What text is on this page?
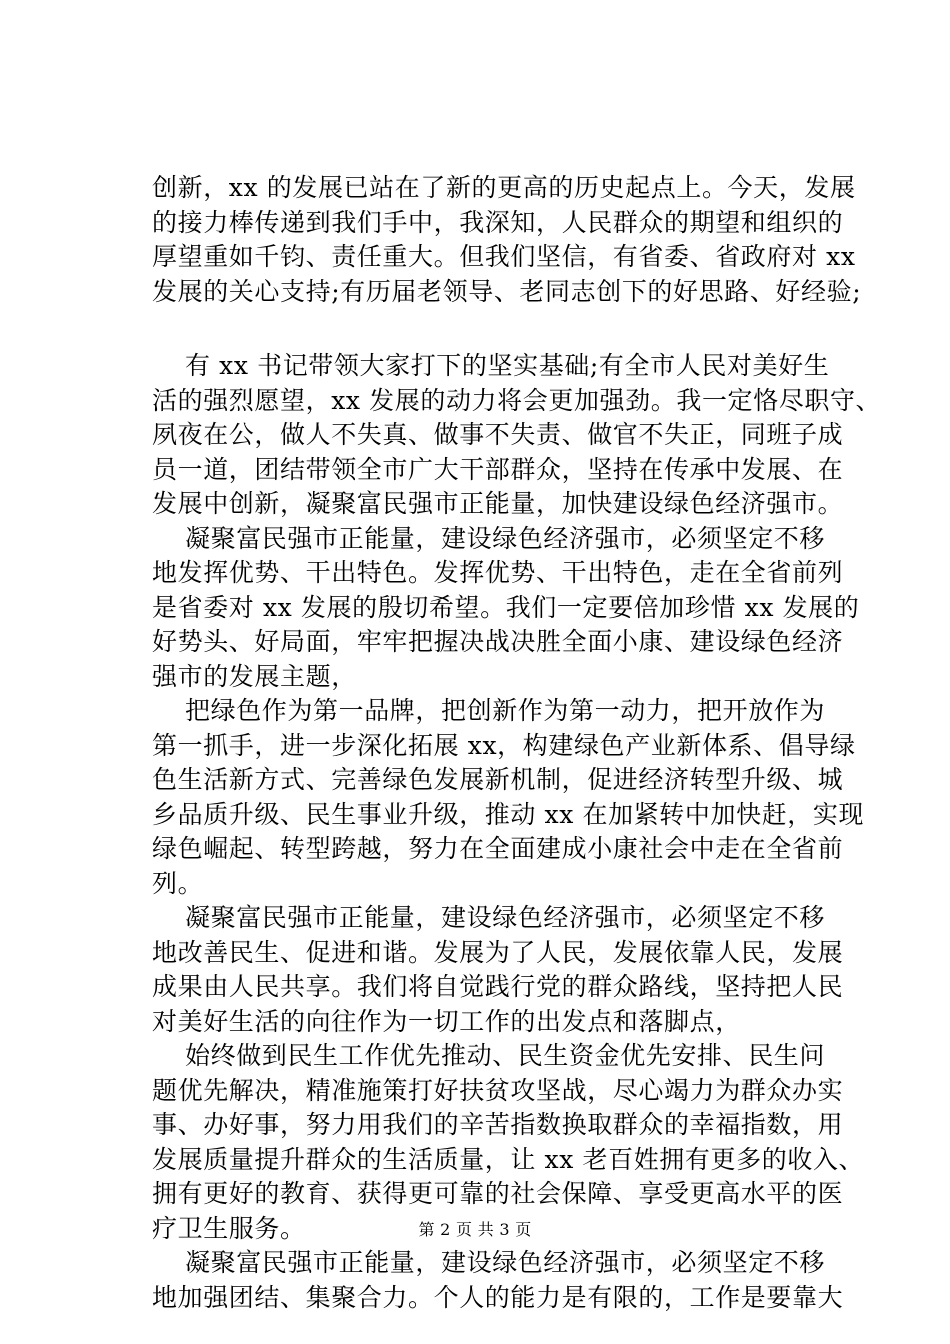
创新，xx 的发展已站在了新的更高的历史起点上。今天，发展
的接力棒传递到我们手中，我深知，人民群众的期望和组织的
厚望重如千钧、责任重大。但我们坚信，有省委、省政府对 xx
发展的关心支持;有历届老领导、老同志创下的好思路、好经验;
有 xx 书记带领大家打下的坚实基础;有全市人民对美好生
活的强烈愿望，xx 发展的动力将会更加强劲。我一定恪尽职守、
夙夜在公，做人不失真、做事不失责、做官不失正，同班子成
员一道，团结带领全市广大干部群众，坚持在传承中发展、在
发展中创新，凝聚富民强市正能量，加快建设绿色经济强市。
凝聚富民强市正能量，建设绿色经济强市，必须坚定不移
地发挥优势、干出特色。发挥优势、干出特色，走在全省前列
是省委对 xx 发展的殷切希望。我们一定要倍加珍惜 xx 发展的
好势头、好局面，牢牢把握决战决胜全面小康、建设绿色经济
强市的发展主题，
把绿色作为第一品牌，把创新作为第一动力，把开放作为
第一抓手，进一步深化拓展 xx，构建绿色产业新体系、倡导绿
色生活新方式、完善绿色发展新机制，促进经济转型升级、城
乡品质升级、民生事业升级，推动 xx 在加紧转中加快赶，实现
绿色崛起、转型跨越，努力在全面建成小康社会中走在全省前
列。
凝聚富民强市正能量，建设绿色经济强市，必须坚定不移
地改善民生、促进和谐。发展为了人民，发展依靠人民，发展
成果由人民共享。我们将自觉践行党的群众路线，坚持把人民
对美好生活的向往作为一切工作的出发点和落脚点，
始终做到民生工作优先推动、民生资金优先安排、民生问
题优先解决，精准施策打好扶贫攻坚战，尽心竭力为群众办实
事、办好事，努力用我们的辛苦指数换取群众的幸福指数，用
发展质量提升群众的生活质量，让 xx 老百姓拥有更多的收入、
拥有更好的教育、获得更可靠的社会保障、享受更高水平的医
疗卫生服务。
凝聚富民强市正能量，建设绿色经济强市，必须坚定不移
地加强团结、集聚合力。个人的能力是有限的，工作是要靠大
第 2 页 共 3 页
